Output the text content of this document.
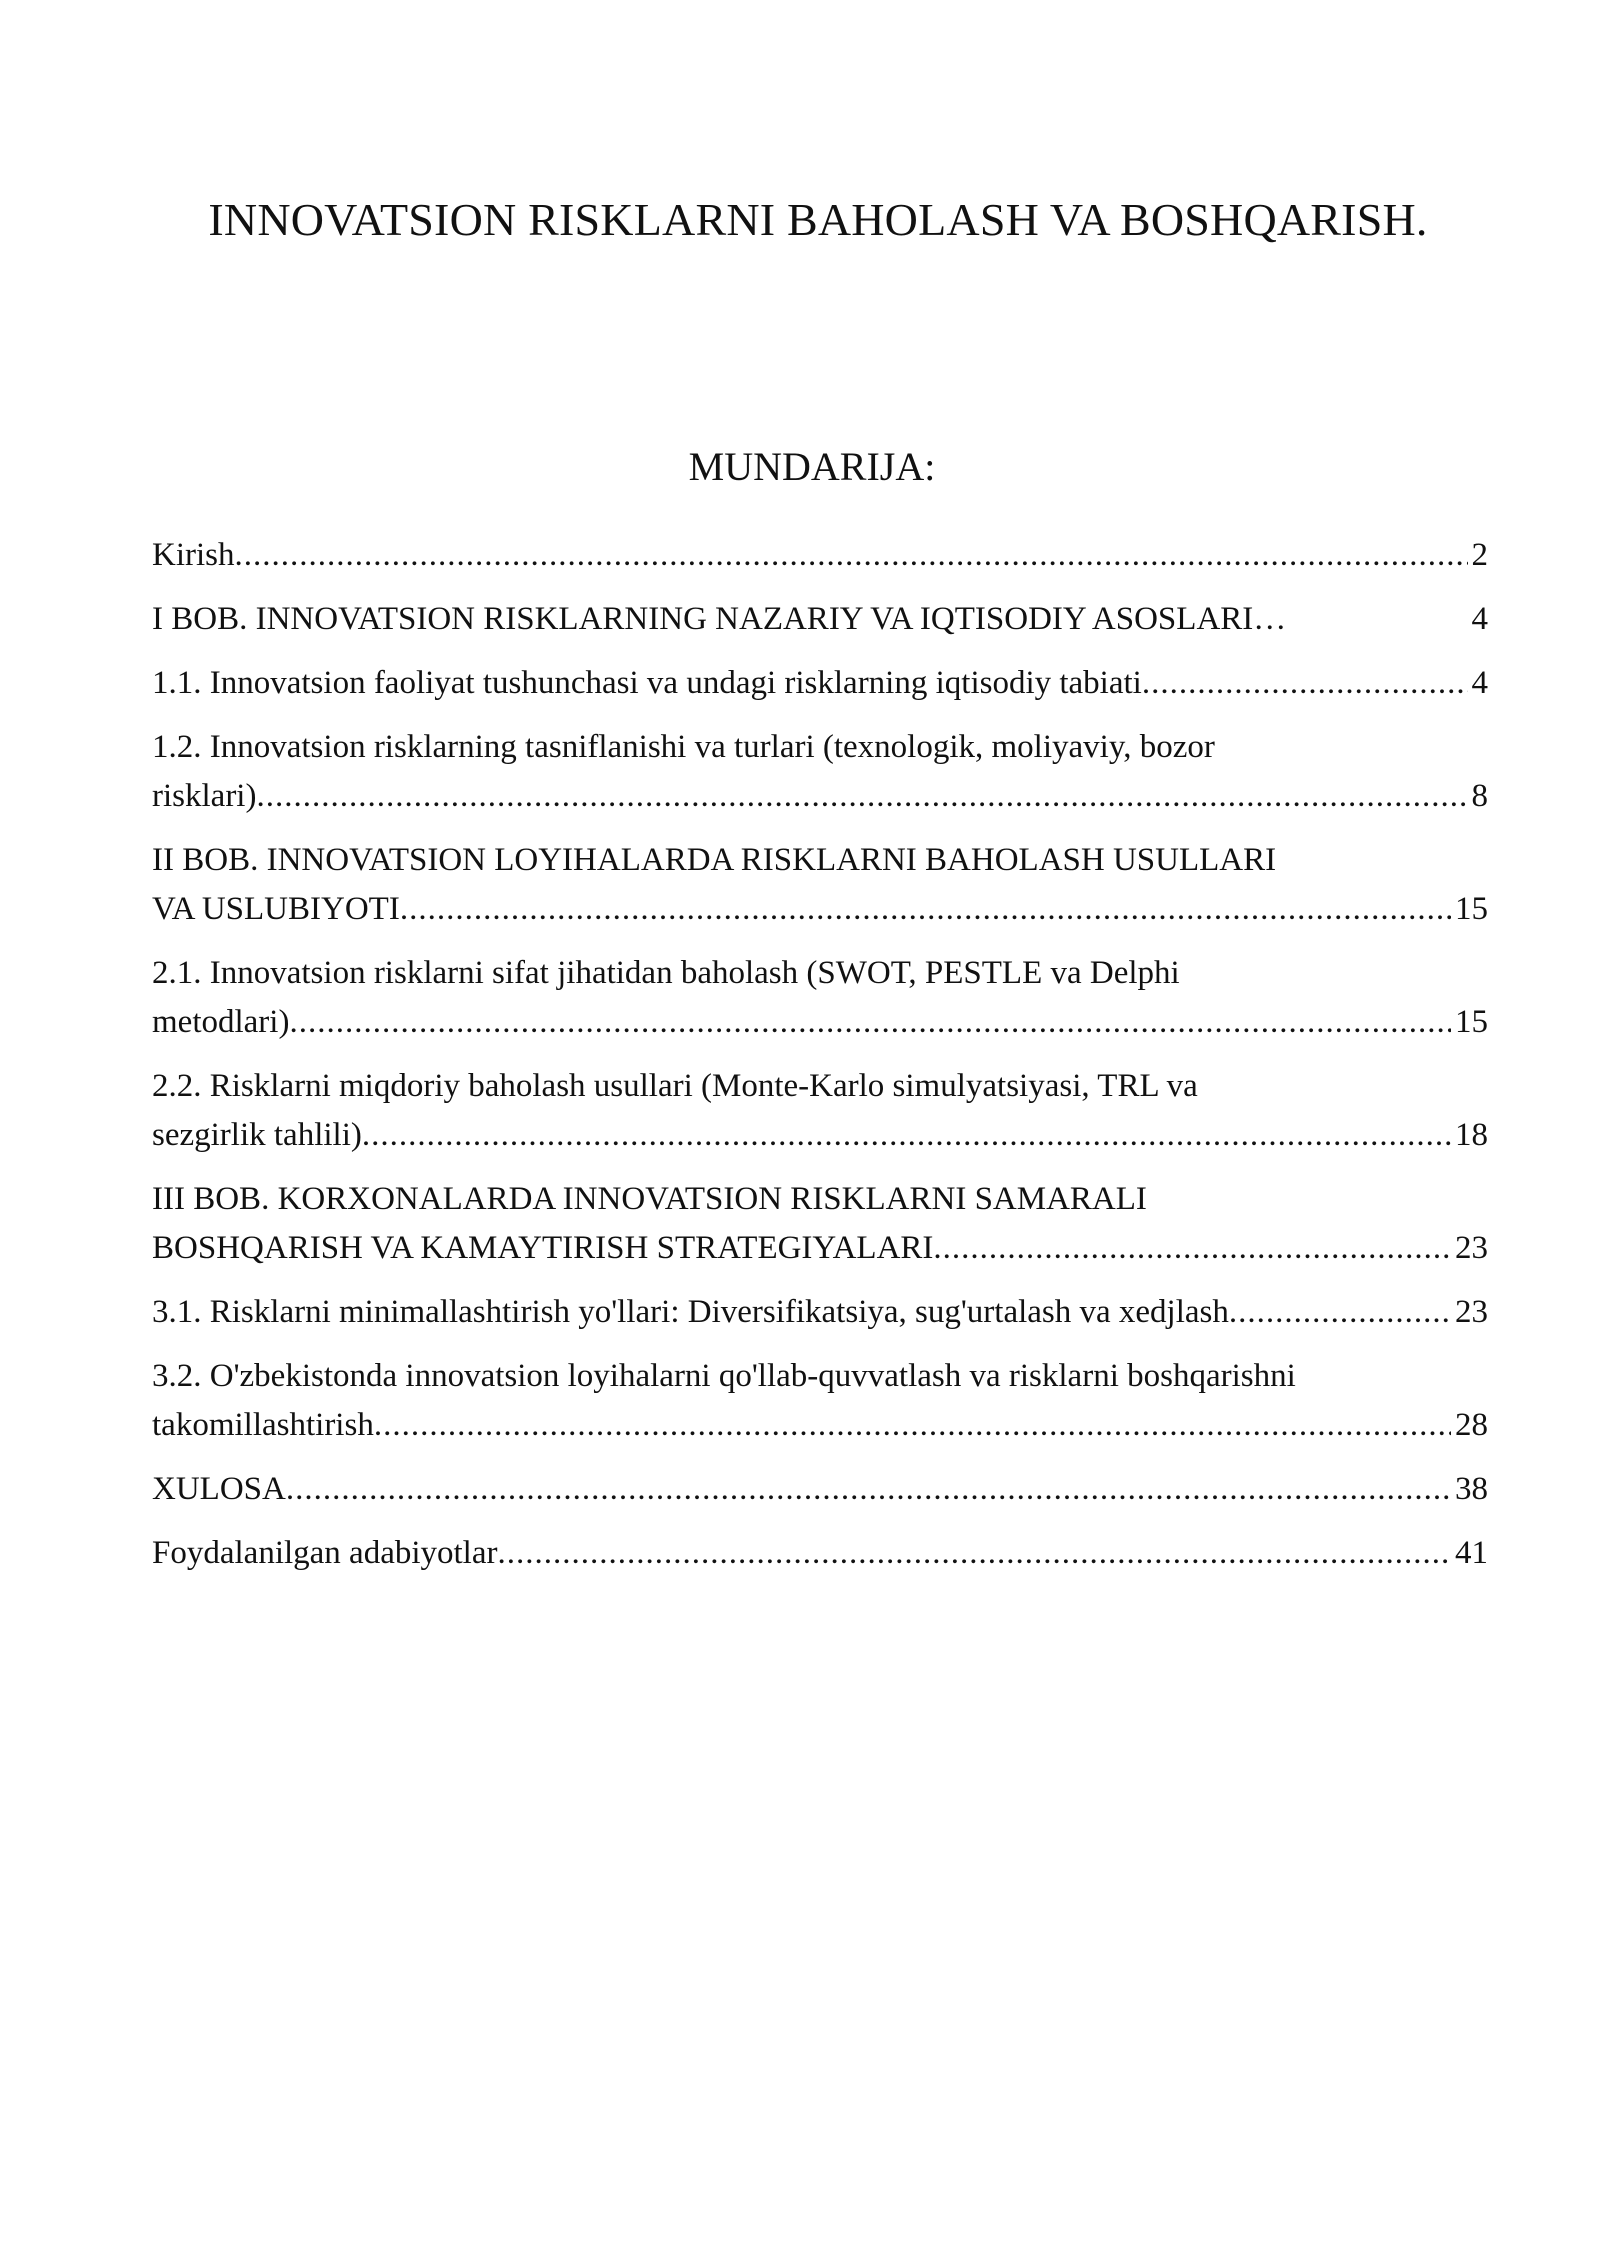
INNOVATSION RISKLARNI BAHOLASH VA BOSHQARISH.
MUNDARIJA:
Kirish .....	2
I BOB. INNOVATSION RISKLARNING NAZARIY VA IQTISODIY ASOSLARI …	4
1.1. Innovatsion faoliyat tushunchasi va undagi risklarning iqtisodiy tabiati .....	4
1.2. Innovatsion risklarning tasniflanishi va turlari (texnologik, moliyaviy, bozor
risklari) .....	8
II BOB. INNOVATSION LOYIHALARDA RISKLARNI BAHOLASH USULLARI
VA USLUBIYOTI .....	15
2.1. Innovatsion risklarni sifat jihatidan baholash (SWOT, PESTLE va Delphi
metodlari) .....	15
2.2. Risklarni miqdoriy baholash usullari (Monte-Karlo simulyatsiyasi, TRL va
sezgirlik tahlili) .....	18
III BOB. KORXONALARDA INNOVATSION RISKLARNI SAMARALI
BOSHQARISH VA KAMAYTIRISH STRATEGIYALARI .....	23
3.1. Risklarni minimallashtirish yo'llari: Diversifikatsiya, sug'urtalash va xedjlash .....	23
3.2. O'zbekistonda innovatsion loyihalarni qo'llab-quvvatlash va risklarni boshqarishni
takomillashtirish .....	28
XULOSA .....	38
Foydalanilgan adabiyotlar .....	41
